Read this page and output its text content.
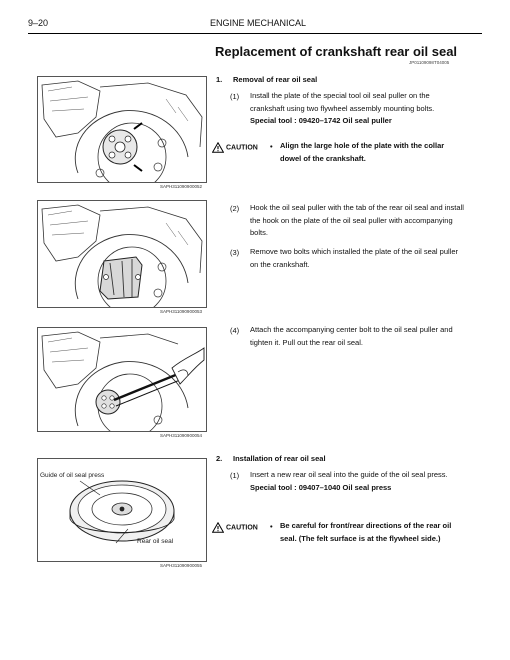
9–20	ENGINE MECHANICAL
Replacement of crankshaft rear oil seal
JP01109098T04005
SAPH311090900052
SAPH311090900053
SAPH311090900054
Guide of oil seal press
Rear oil seal
SAPH311090900055
1. Removal of rear oil seal
(1) Install the plate of the special tool oil seal puller on the crankshaft using two flywheel assembly mounting bolts.
Special tool : 09420–1742 Oil seal puller
CAUTION • Align the large hole of the plate with the collar dowel of the crankshaft.
(2) Hook the oil seal puller with the tab of the rear oil seal and install the hook on the plate of the oil seal puller with accompanying bolts.
(3) Remove two bolts which installed the plate of the oil seal puller on the crankshaft.
(4) Attach the accompanying center bolt to the oil seal puller and tighten it. Pull out the rear oil seal.
2. Installation of rear oil seal
(1) Insert a new rear oil seal into the guide of the oil seal press.
Special tool : 09407–1040 Oil seal press
CAUTION • Be careful for front/rear directions of the rear oil seal. (The felt surface is at the flywheel side.)
